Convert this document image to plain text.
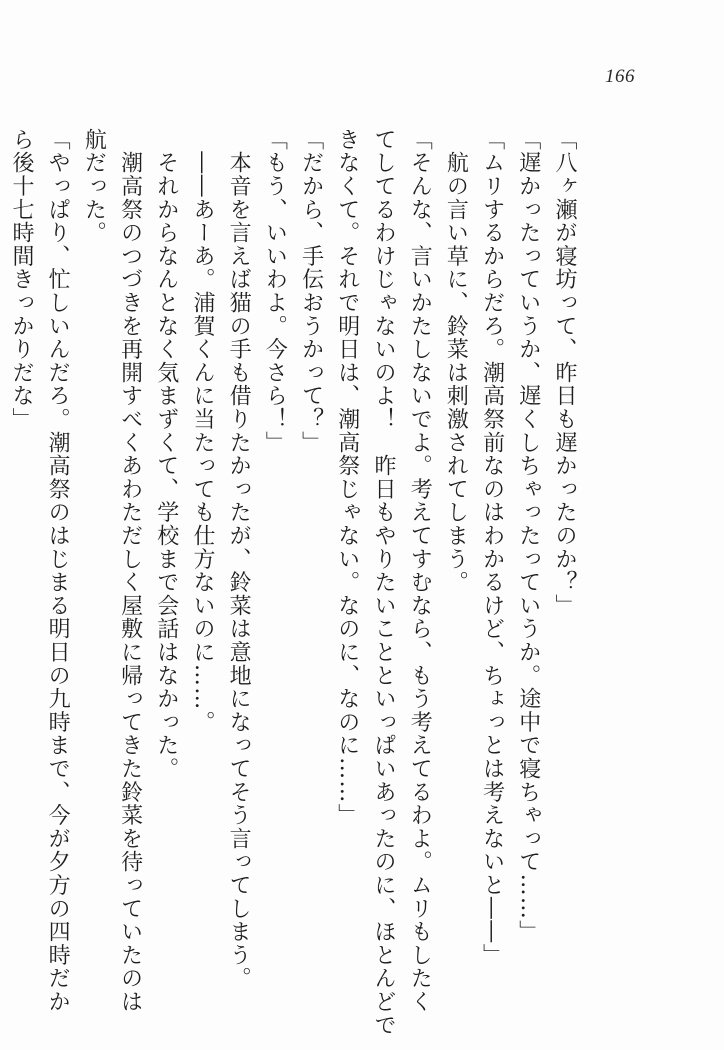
166

「八ヶ瀬が寝坊って、昨日も遅かったのか？」

「遅かったっていうか、遅くしちゃったっていうか。途中で寝ちゃって……」

「ムリするからだろ。潮高祭前なのはわかるけど、ちょっとは考えないと――」

　航の言い草に、鈴菜は刺激されてしまう。

「そんな、言いかたしないでよ。考えてすむなら、もう考えてるわよ。ムリもしたく

てしてるわけじゃないのよ！　昨日もやりたいことといっぱいあったのに、ほとんどで

きなくて。それで明日は、潮高祭じゃない。なのに、なのに……」

「だから、手伝おうかって？」

「もう、いいわよ。今さら！」

　本音を言えば猫の手も借りたかったが、鈴菜は意地になってそう言ってしまう。

　――あーあ。浦賀くんに当たっても仕方ないのに……。

　それからなんとなく気まずくて、学校まで会話はなかった。

　潮高祭のつづきを再開すべくあわただしく屋敷に帰ってきた鈴菜を待っていたのは

航だった。

「やっぱり、忙しいんだろ。潮高祭のはじまる明日の九時まで、今が夕方の四時だか

ら後十七時間きっかりだな」
